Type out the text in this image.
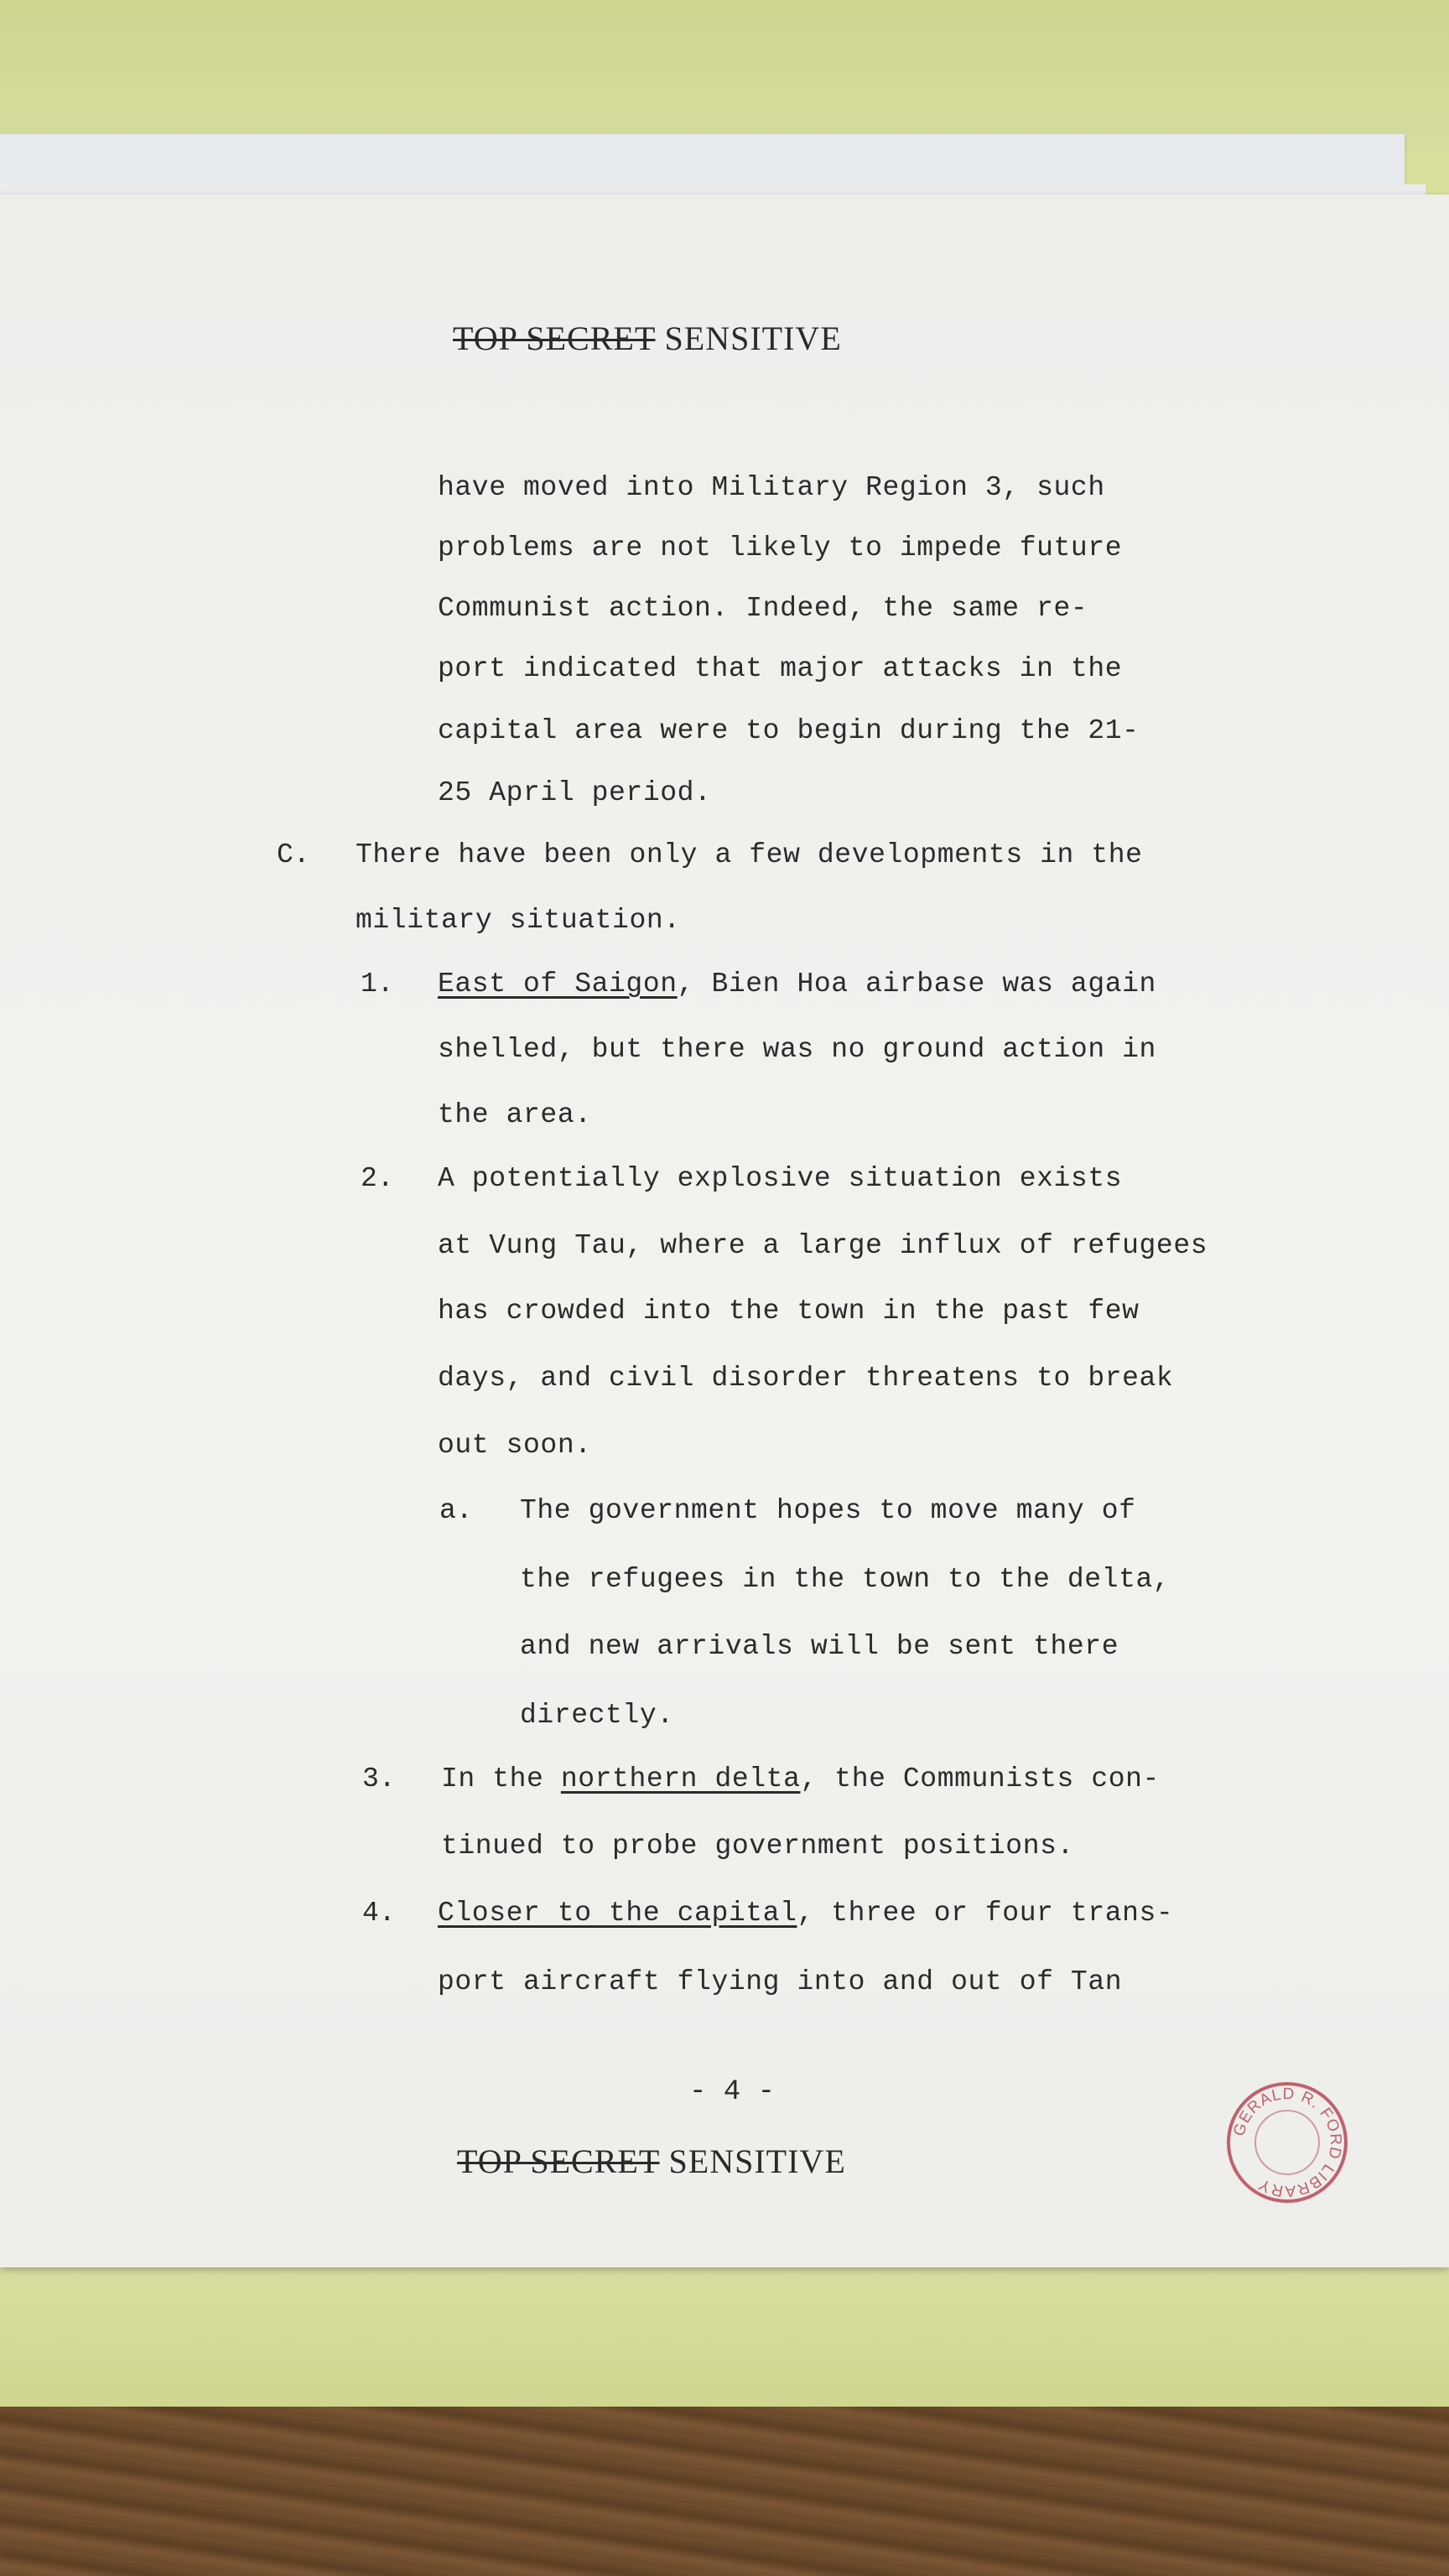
TOP SECRET SENSITIVE
have moved into Military Region 3, such
problems are not likely to impede future
Communist action. Indeed, the same re-
port indicated that major attacks in the
capital area were to begin during the 21-
25 April period.
C. There have been only a few developments in the
military situation.
1. East of Saigon, Bien Hoa airbase was again
shelled, but there was no ground action in
the area.
2. A potentially explosive situation exists
at Vung Tau, where a large influx of refugees
has crowded into the town in the past few
days, and civil disorder threatens to break
out soon.
a. The government hopes to move many of
the refugees in the town to the delta,
and new arrivals will be sent there
directly.
3. In the northern delta, the Communists con-
tinued to probe government positions.
4. Closer to the capital, three or four trans-
port aircraft flying into and out of Tan
- 4 -
TOP SECRET SENSITIVE
GERALD R. FORD LIBRARY
